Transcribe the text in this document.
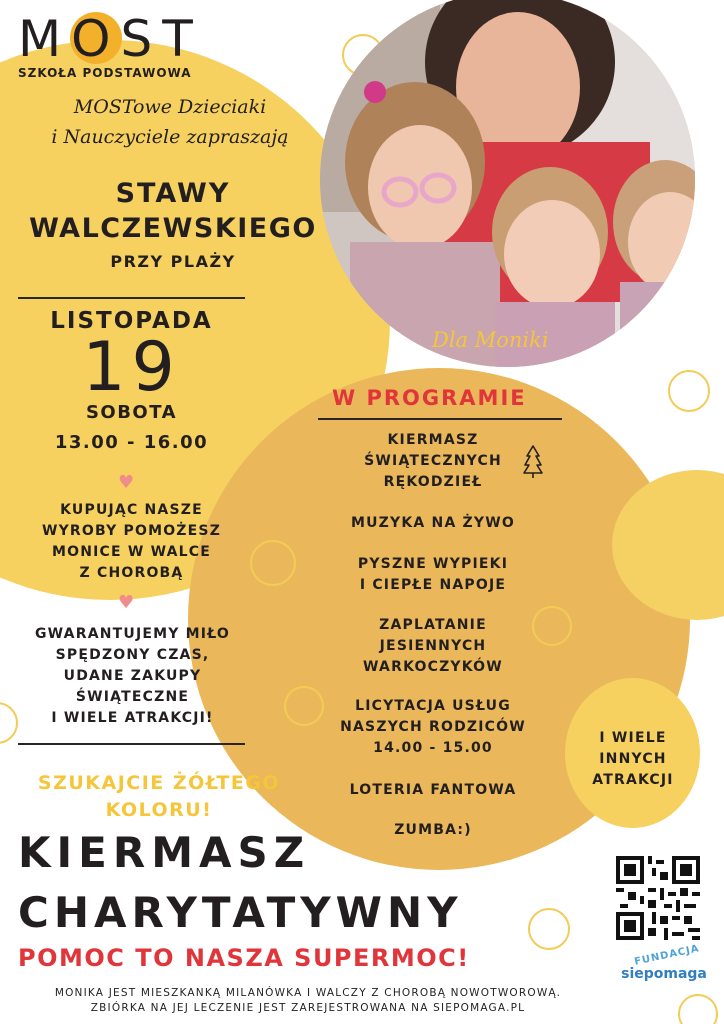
Dla Moniki
MOST
SZKOŁA PODSTAWOWA
MOSTowe Dzieciaki
i Nauczyciele zapraszają
STAWY
WALCZEWSKIEGO
PRZY PLAŻY
LISTOPADA
19
SOBOTA
13.00 - 16.00
♥
KUPUJĄC NASZE
WYROBY POMOŻESZ
MONICE W WALCE
Z CHOROBĄ
♥
GWARANTUJEMY MIŁO
SPĘDZONY CZAS,
UDANE ZAKUPY
ŚWIĄTECZNE
I WIELE ATRAKCJI!
SZUKAJCIE ŻÓŁTEGO
KOLORU!
W PROGRAMIE
KIERMASZ
ŚWIĄTECZNYCH
RĘKODZIEŁ
MUZYKA NA ŻYWO
PYSZNE WYPIEKI
I CIEPŁE NAPOJE
ZAPLATANIE
JESIENNYCH
WARKOCZYKÓW
LICYTACJA USŁUG
NASZYCH RODZICÓW
14.00 - 15.00
LOTERIA FANTOWA
ZUMBA:)
I WIELE
INNYCH
ATRAKCJI
KIERMASZ
CHARYTATYWNY
POMOC TO NASZA SUPERMOC!	FUNDACJA
siepomaga
MONIKA JEST MIESZKANKĄ MILANÓWKA I WALCZY Z CHOROBĄ NOWOTWOROWĄ.
ZBIÓRKA NA JEJ LECZENIE JEST ZAREJESTROWANA NA SIEPOMAGA.PL
